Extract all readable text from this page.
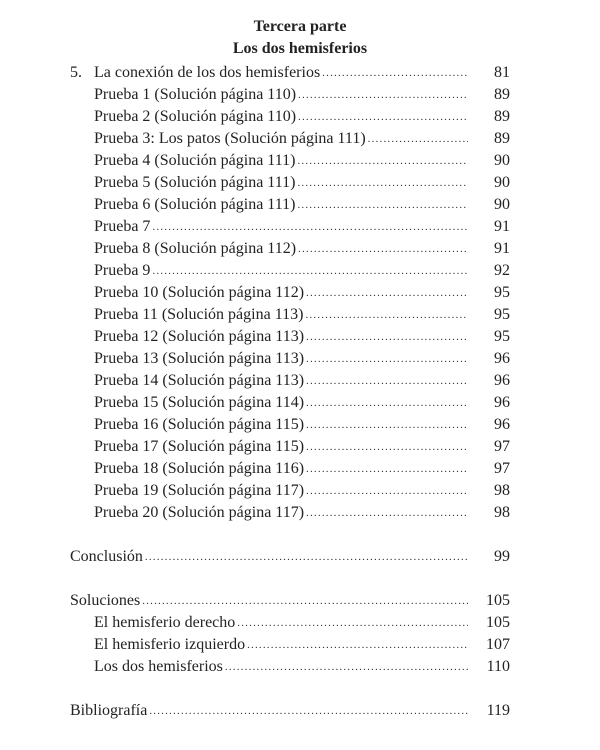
Tercera parte
Los dos hemisferios
5. La conexión de los dos hemisferios .....	81
Prueba 1 (Solución página 110) .....	89
Prueba 2 (Solución página 110) .....	89
Prueba 3: Los patos (Solución página 111) .....	89
Prueba 4 (Solución página 111) .....	90
Prueba 5 (Solución página 111) .....	90
Prueba 6 (Solución página 111) .....	90
Prueba 7 .....	91
Prueba 8 (Solución página 112) .....	91
Prueba 9 .....	92
Prueba 10 (Solución página 112) .....	95
Prueba 11 (Solución página 113) .....	95
Prueba 12 (Solución página 113) .....	95
Prueba 13 (Solución página 113) .....	96
Prueba 14 (Solución página 113) .....	96
Prueba 15 (Solución página 114) .....	96
Prueba 16 (Solución página 115) .....	96
Prueba 17 (Solución página 115) .....	97
Prueba 18 (Solución página 116) .....	97
Prueba 19 (Solución página 117) .....	98
Prueba 20 (Solución página 117) .....	98
Conclusión .....	99
Soluciones .....	105
El hemisferio derecho .....	105
El hemisferio izquierdo .....	107
Los dos hemisferios .....	110
Bibliografía .....	119
